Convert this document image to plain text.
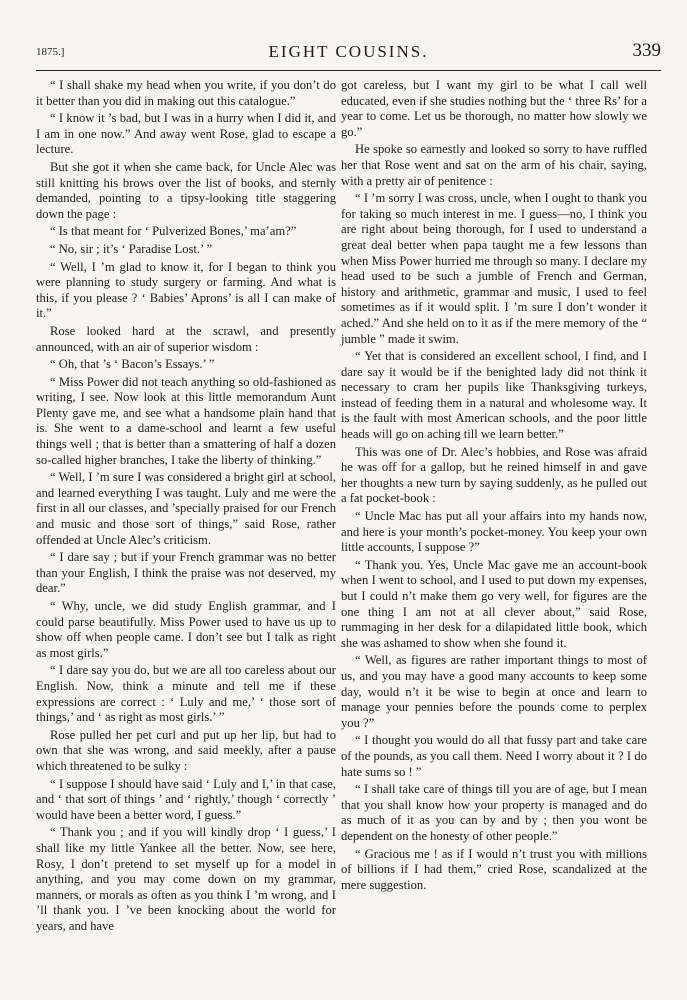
1875.]	EIGHT COUSINS.	339

“ I shall shake my head when you write, if you don’t do it better than you did in making out this catalogue.”

“ I know it ’s bad, but I was in a hurry when I did it, and I am in one now.” And away went Rose, glad to escape a lecture.

But she got it when she came back, for Uncle Alec was still knitting his brows over the list of books, and sternly demanded, pointing to a tipsy-looking title staggering down the page :

“ Is that meant for ‘ Pulverized Bones,’ ma’am?”

“ No, sir ; it’s ‘ Paradise Lost.’ ”

“ Well, I ’m glad to know it, for I began to think you were planning to study surgery or farming. And what is this, if you please ? ‘ Babies’ Aprons’ is all I can make of it.”

Rose looked hard at the scrawl, and presently announced, with an air of superior wisdom :

“ Oh, that ’s ‘ Bacon’s Essays.’ ”

“ Miss Power did not teach anything so old-fashioned as writing, I see. Now look at this little memorandum Aunt Plenty gave me, and see what a handsome plain hand that is. She went to a dame-school and learnt a few useful things well ; that is better than a smattering of half a dozen so-called higher branches, I take the liberty of thinking.”

“ Well, I ’m sure I was considered a bright girl at school, and learned everything I was taught. Luly and me were the first in all our classes, and ’specially praised for our French and music and those sort of things,” said Rose, rather offended at Uncle Alec’s criticism.

“ I dare say ; but if your French grammar was no better than your English, I think the praise was not deserved, my dear.”

“ Why, uncle, we did study English grammar, and I could parse beautifully. Miss Power used to have us up to show off when people came. I don’t see but I talk as right as most girls.”

“ I dare say you do, but we are all too careless about our English. Now, think a minute and tell me if these expressions are correct : ‘ Luly and me,’ ‘ those sort of things,’ and ‘ as right as most girls.’ ”

Rose pulled her pet curl and put up her lip, but had to own that she was wrong, and said meekly, after a pause which threatened to be sulky :

“ I suppose I should have said ‘ Luly and I,’ in that case, and ‘ that sort of things ’ and ‘ rightly,’ though ‘ correctly ’ would have been a better word, I guess.”

“ Thank you ; and if you will kindly drop ‘ I guess,’ I shall like my little Yankee all the better. Now, see here, Rosy, I don’t pretend to set myself up for a model in anything, and you may come down on my grammar, manners, or morals as often as you think I ’m wrong, and I ’ll thank you. I ’ve been knocking about the world for years, and have

got careless, but I want my girl to be what I call well educated, even if she studies nothing but the ‘ three Rs’ for a year to come. Let us be thorough, no matter how slowly we go.”

He spoke so earnestly and looked so sorry to have ruffled her that Rose went and sat on the arm of his chair, saying, with a pretty air of penitence :

“ I ’m sorry I was cross, uncle, when I ought to thank you for taking so much interest in me. I guess—no, I think you are right about being thorough, for I used to understand a great deal better when papa taught me a few lessons than when Miss Power hurried me through so many. I declare my head used to be such a jumble of French and German, history and arithmetic, grammar and music, I used to feel sometimes as if it would split. I ’m sure I don’t wonder it ached.” And she held on to it as if the mere memory of the “ jumble ” made it swim.

“ Yet that is considered an excellent school, I find, and I dare say it would be if the benighted lady did not think it necessary to cram her pupils like Thanksgiving turkeys, instead of feeding them in a natural and wholesome way. It is the fault with most American schools, and the poor little heads will go on aching till we learn better.”

This was one of Dr. Alec’s hobbies, and Rose was afraid he was off for a gallop, but he reined himself in and gave her thoughts a new turn by saying suddenly, as he pulled out a fat pocket-book :

“ Uncle Mac has put all your affairs into my hands now, and here is your month’s pocket-money. You keep your own little accounts, I suppose ?”

“ Thank you. Yes, Uncle Mac gave me an account-book when I went to school, and I used to put down my expenses, but I could n’t make them go very well, for figures are the one thing I am not at all clever about,” said Rose, rummaging in her desk for a dilapidated little book, which she was ashamed to show when she found it.

“ Well, as figures are rather important things to most of us, and you may have a good many accounts to keep some day, would n’t it be wise to begin at once and learn to manage your pennies before the pounds come to perplex you ?”

“ I thought you would do all that fussy part and take care of the pounds, as you call them. Need I worry about it ? I do hate sums so ! ”

“ I shall take care of things till you are of age, but I mean that you shall know how your property is managed and do as much of it as you can by and by ; then you wont be dependent on the honesty of other people.”

“ Gracious me ! as if I would n’t trust you with millions of billions if I had them,” cried Rose, scandalized at the mere suggestion.
